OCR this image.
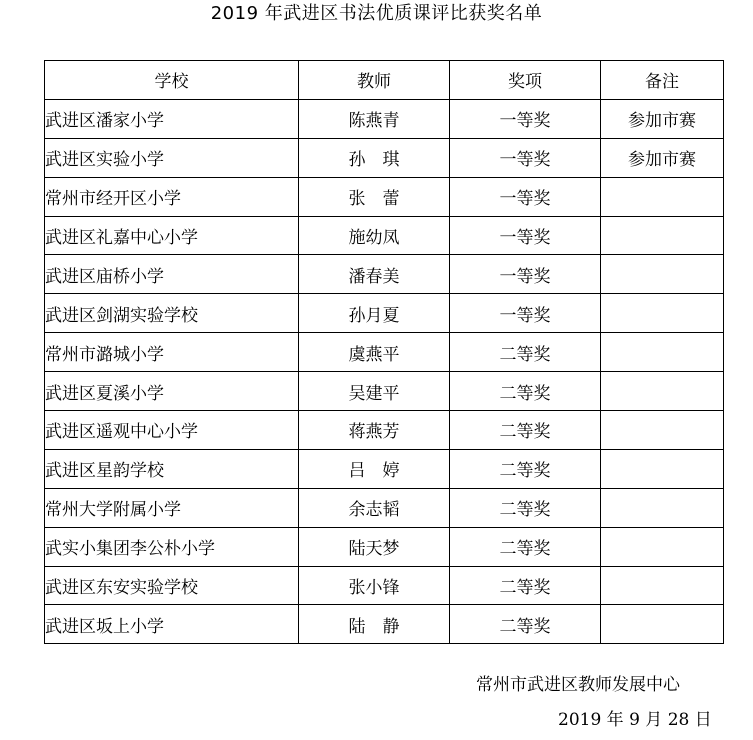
2019 年武进区书法优质课评比获奖名单
学校	教师	奖项	备注
武进区潘家小学	陈燕青	一等奖	参加市赛
武进区实验小学	孙　琪	一等奖	参加市赛
常州市经开区小学	张　蕾	一等奖	
武进区礼嘉中心小学	施幼凤	一等奖	
武进区庙桥小学	潘春美	一等奖	
武进区剑湖实验学校	孙月夏	一等奖	
常州市潞城小学	虞燕平	二等奖	
武进区夏溪小学	吴建平	二等奖	
武进区遥观中心小学	蒋燕芳	二等奖	
武进区星韵学校	吕　婷	二等奖	
常州大学附属小学	余志韬	二等奖	
武实小集团李公朴小学	陆天梦	二等奖	
武进区东安实验学校	张小锋	二等奖	
武进区坂上小学	陆　静	二等奖	
常州市武进区教师发展中心
2019 年 9 月 28 日
